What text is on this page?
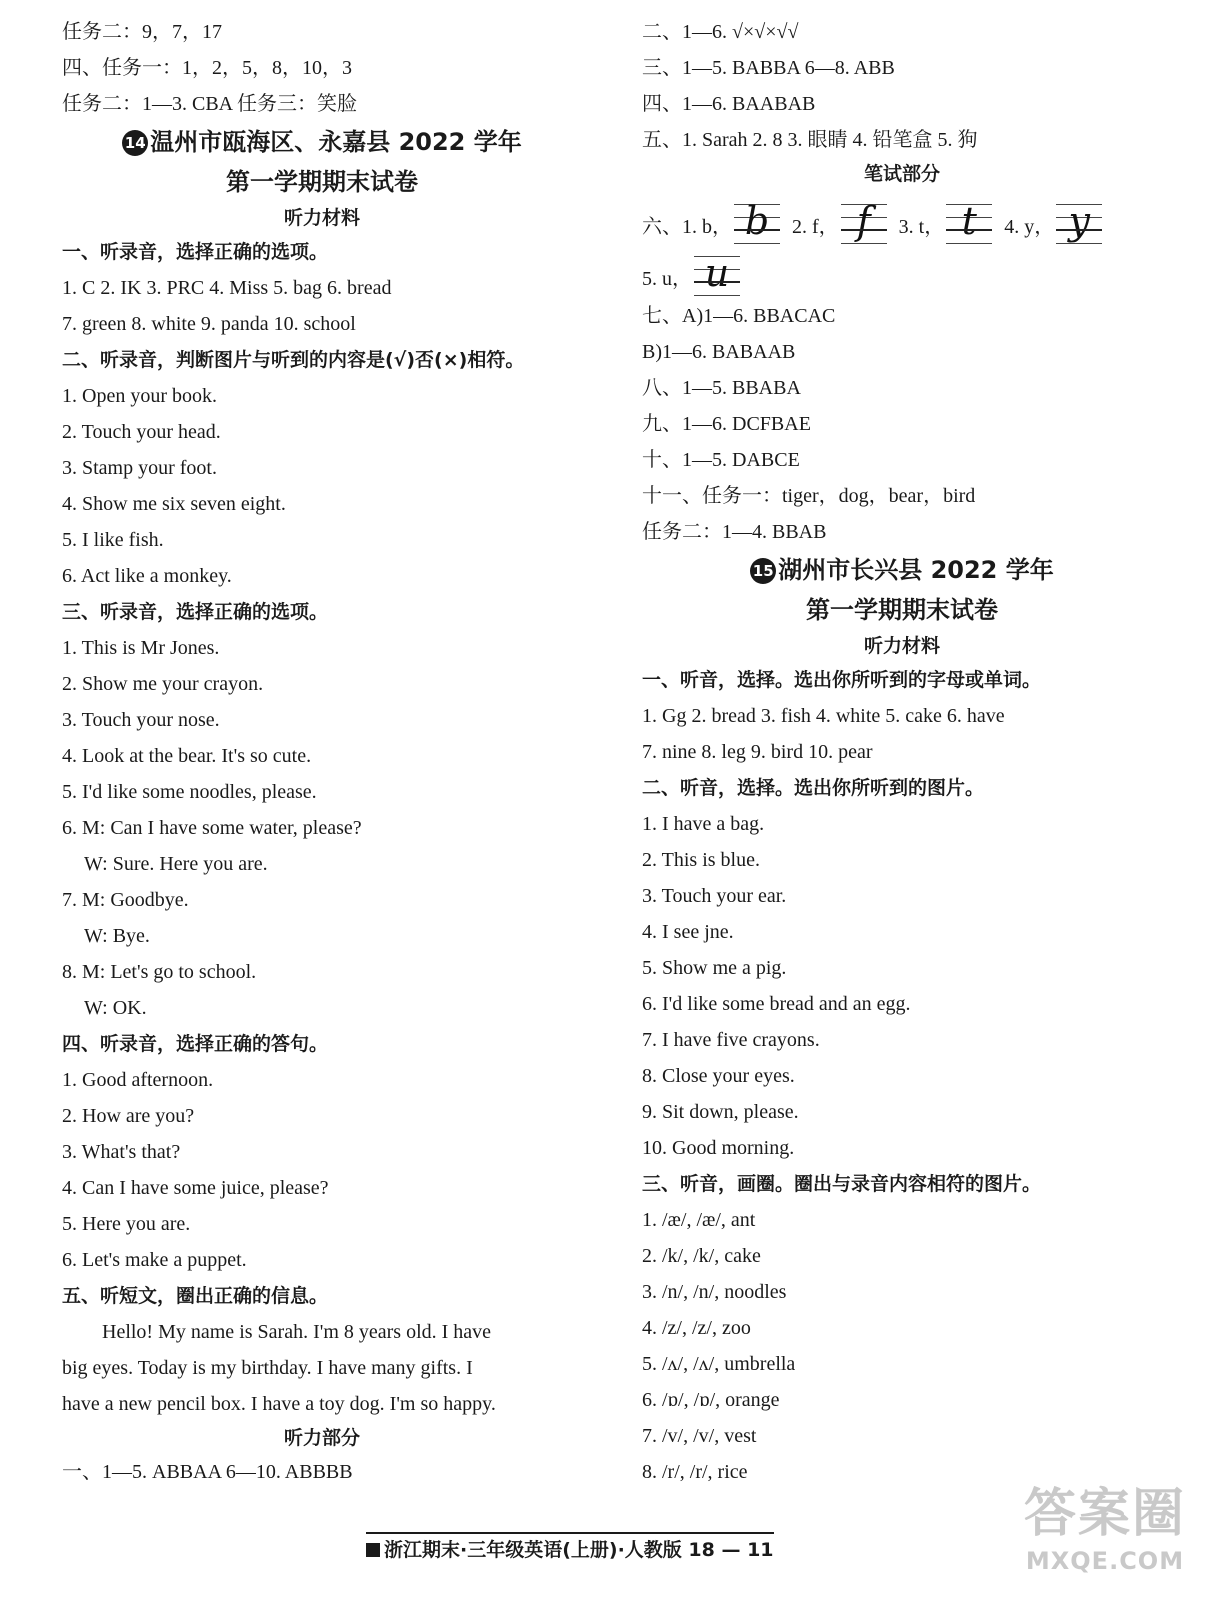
任务二：9，7，17
四、任务一：1，2，5，8，10，3
任务二：1—3. CBA 任务三：笑脸
14 温州市瓯海区、永嘉县 2022 学年
第一学期期末试卷
听力材料
一、听录音，选择正确的选项。
1. C 2. IK 3. PRC 4. Miss 5. bag 6. bread
7. green 8. white 9. panda 10. school
二、听录音，判断图片与听到的内容是(√)否(×)相符。
1. Open your book.
2. Touch your head.
3. Stamp your foot.
4. Show me six seven eight.
5. I like fish.
6. Act like a monkey.
三、听录音，选择正确的选项。
1. This is Mr Jones.
2. Show me your crayon.
3. Touch your nose.
4. Look at the bear. It's so cute.
5. I'd like some noodles, please.
6. M: Can I have some water, please?
W: Sure. Here you are.
7. M: Goodbye.
W: Bye.
8. M: Let's go to school.
W: OK.
四、听录音，选择正确的答句。
1. Good afternoon.
2. How are you?
3. What's that?
4. Can I have some juice, please?
5. Here you are.
6. Let's make a puppet.
五、听短文，圈出正确的信息。
Hello! My name is Sarah. I'm 8 years old. I have
big eyes. Today is my birthday. I have many gifts. I
have a new pencil box. I have a toy dog. I'm so happy.
听力部分
一、1—5. ABBAA 6—10. ABBBB
二、1—6. √×√×√√
三、1—5. BABBA 6—8. ABB
四、1—6. BAABAB
五、1. Sarah 2. 8 3. 眼睛 4. 铅笔盒 5. 狗
笔试部分
六、1. b， b	2. f， f	3. t， t	4. y， y
5. u， u
七、A)1—6. BBACAC
B)1—6. BABAAB
八、1—5. BBABA
九、1—6. DCFBAE
十、1—5. DABCE
十一、任务一：tiger，dog，bear，bird
任务二：1—4. BBAB
15 湖州市长兴县 2022 学年
第一学期期末试卷
听力材料
一、听音，选择。选出你所听到的字母或单词。
1. Gg 2. bread 3. fish 4. white 5. cake 6. have
7. nine 8. leg 9. bird 10. pear
二、听音，选择。选出你所听到的图片。
1. I have a bag.
2. This is blue.
3. Touch your ear.
4. I see jne.
5. Show me a pig.
6. I'd like some bread and an egg.
7. I have five crayons.
8. Close your eyes.
9. Sit down, please.
10. Good morning.
三、听音，画圈。圈出与录音内容相符的图片。
1. /æ/, /æ/, ant
2. /k/, /k/, cake
3. /n/, /n/, noodles
4. /z/, /z/, zoo
5. /ʌ/, /ʌ/, umbrella
6. /ɒ/, /ɒ/, orange
7. /v/, /v/, vest
8. /r/, /r/, rice
浙江期末·三年级英语(上册)·人教版 18 — 11
答案圈
MXQE.COM
